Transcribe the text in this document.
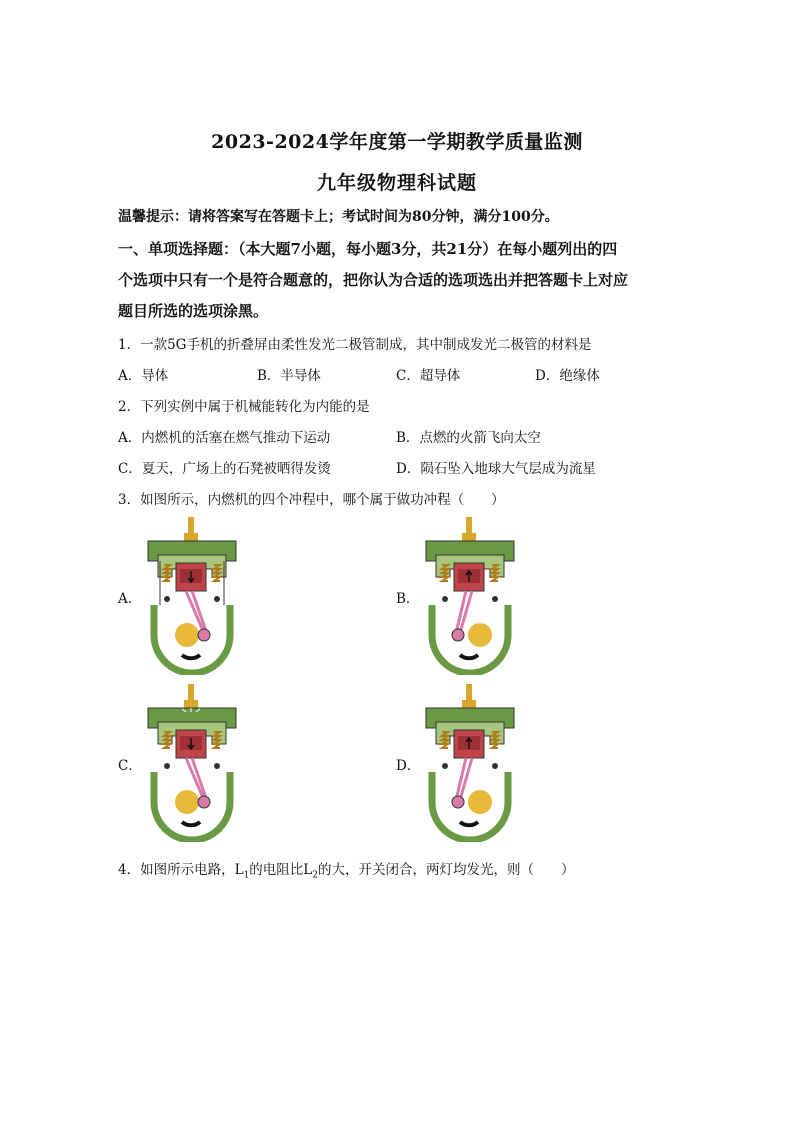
2023-2024学年度第一学期教学质量监测
九年级物理科试题
温馨提示：请将答案写在答题卡上；考试时间为80分钟，满分100分。
一、单项选择题：（本大题7小题，每小题3分，共21分）在每小题列出的四
个选项中只有一个是符合题意的，把你认为合适的选项选出并把答题卡上对应
题目所选的选项涂黑。
1．一款5G手机的折叠屏由柔性发光二极管制成，其中制成发光二极管的材料是
A．导体	B．半导体	C．超导体	D．绝缘体
2．下列实例中属于机械能转化为内能的是
A．内燃机的活塞在燃气推动下运动	B．点燃的火箭飞向太空
C．夏天，广场上的石凳被晒得发烫	D．陨石坠入地球大气层成为流星
3．如图所示，内燃机的四个冲程中，哪个属于做功冲程（　　）
A．	B．
C．	D．
4．如图所示电路，$L_1$的电阻比$L_2$的大，开关闭合，两灯均发光，则（　　）
